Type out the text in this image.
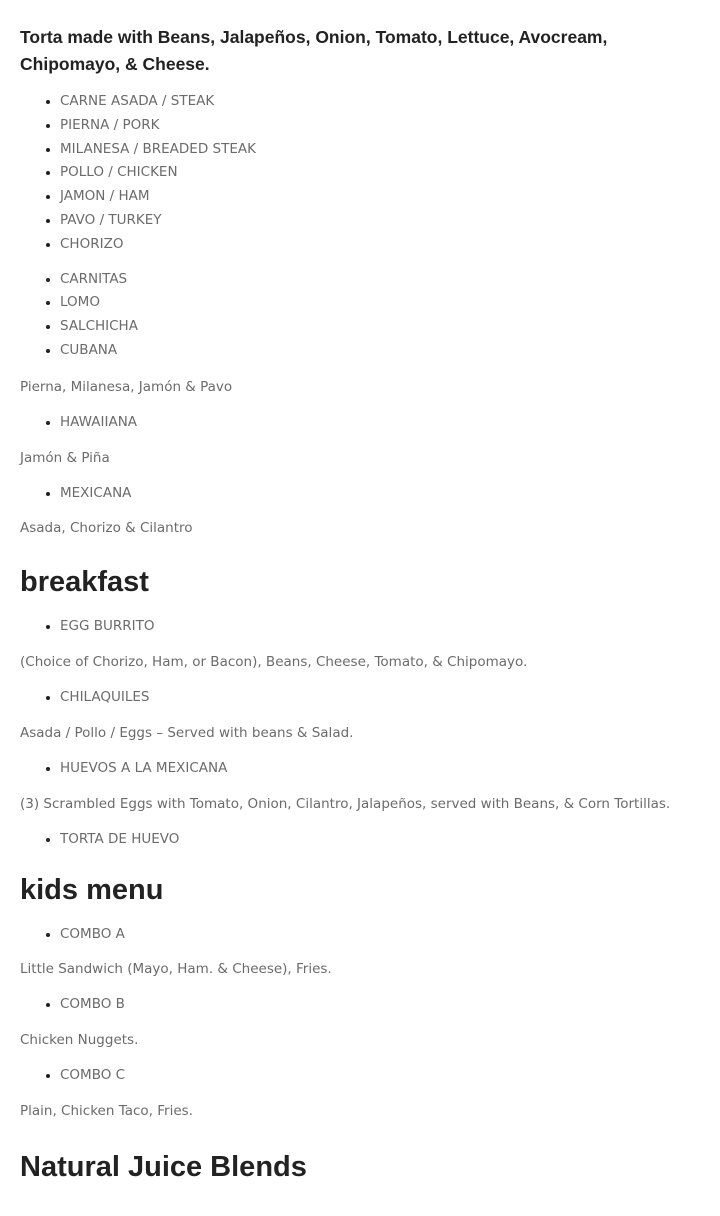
Torta made with Beans, Jalapeños, Onion, Tomato, Lettuce, Avocream, Chipomayo, & Cheese.

• CARNE ASADA / STEAK
• PIERNA / PORK
• MILANESA / BREADED STEAK
• POLLO / CHICKEN
• JAMON / HAM
• PAVO / TURKEY
• CHORIZO
• CARNITAS
• LOMO
• SALCHICHA
• CUBANA

Pierna, Milanesa, Jamón & Pavo

• HAWAIIANA

Jamón & Piña

• MEXICANA

Asada, Chorizo & Cilantro

breakfast
• EGG BURRITO

(Choice of Chorizo, Ham, or Bacon), Beans, Cheese, Tomato, & Chipomayo.

• CHILAQUILES

Asada / Pollo / Eggs – Served with beans & Salad.

• HUEVOS A LA MEXICANA

(3) Scrambled Eggs with Tomato, Onion, Cilantro, Jalapeños, served with Beans, & Corn Tortillas.

• TORTA DE HUEVO
kids menu
• COMBO A

Little Sandwich (Mayo, Ham. & Cheese), Fries.

• COMBO B

Chicken Nuggets.

• COMBO C

Plain, Chicken Taco, Fries.

Natural Juice Blends
